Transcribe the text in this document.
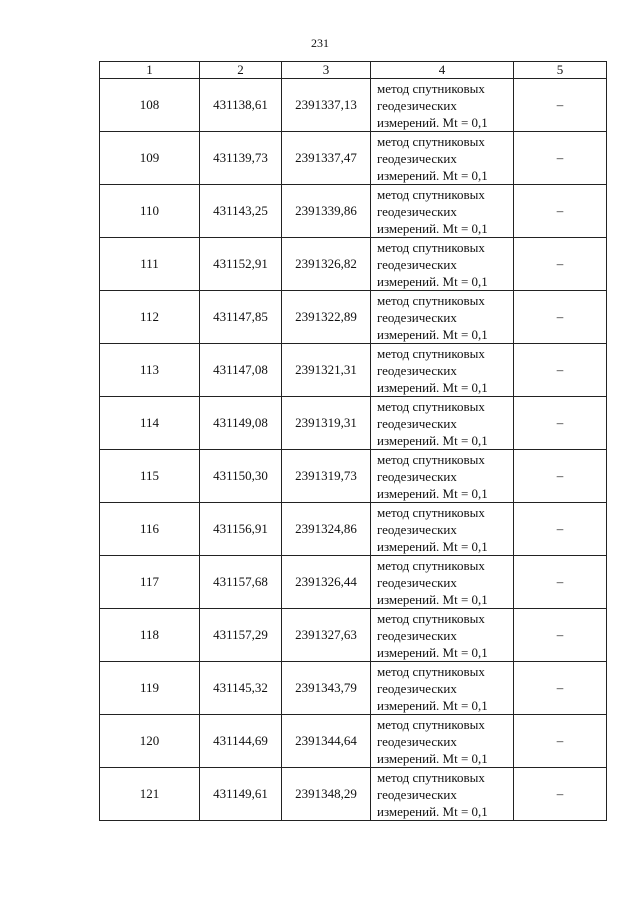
231
1	2	3	4	5
108	431138,61	2391337,13	метод спутниковых
геодезических
измерений. Mt = 0,1	–
109	431139,73	2391337,47	метод спутниковых
геодезических
измерений. Mt = 0,1	–
110	431143,25	2391339,86	метод спутниковых
геодезических
измерений. Mt = 0,1	–
111	431152,91	2391326,82	метод спутниковых
геодезических
измерений. Mt = 0,1	–
112	431147,85	2391322,89	метод спутниковых
геодезических
измерений. Mt = 0,1	–
113	431147,08	2391321,31	метод спутниковых
геодезических
измерений. Mt = 0,1	–
114	431149,08	2391319,31	метод спутниковых
геодезических
измерений. Mt = 0,1	–
115	431150,30	2391319,73	метод спутниковых
геодезических
измерений. Mt = 0,1	–
116	431156,91	2391324,86	метод спутниковых
геодезических
измерений. Mt = 0,1	–
117	431157,68	2391326,44	метод спутниковых
геодезических
измерений. Mt = 0,1	–
118	431157,29	2391327,63	метод спутниковых
геодезических
измерений. Mt = 0,1	–
119	431145,32	2391343,79	метод спутниковых
геодезических
измерений. Mt = 0,1	–
120	431144,69	2391344,64	метод спутниковых
геодезических
измерений. Mt = 0,1	–
121	431149,61	2391348,29	метод спутниковых
геодезических
измерений. Mt = 0,1	–
